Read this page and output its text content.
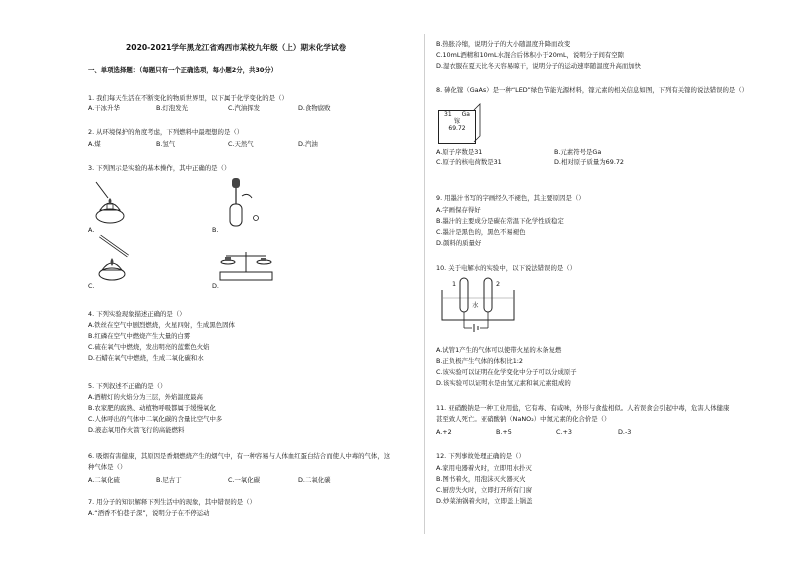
2020-2021学年黑龙江省鸡西市某校九年级（上）期末化学试卷
一、单项选择题：（每题只有一个正确选项，每小题2分，共30分）
1. 我们每天生活在不断变化的物质世界里，以下属于化学变化的是（）
A.干冰升华	B.灯泡发光	C.汽油挥发	D.食物腐败
2. 从环境保护的角度考虑，下列燃料中最理想的是（）
A.煤	B.氢气	C.天然气	D.汽油
3. 下列图示是实验的基本操作，其中正确的是（）
A.	B.
C.	D.
4. 下列实验现象描述正确的是（）
A.铁丝在空气中剧烈燃烧，火星四射，生成黑色固体
B.红磷在空气中燃烧产生大量的白雾
C.硫在氧气中燃烧，发出明亮的蓝紫色火焰
D.石蜡在氧气中燃烧，生成二氧化碳和水
5. 下列叙述不正确的是（）
A.酒精灯的火焰分为三层，外焰温度最高
B.农家肥的腐熟、动植物呼吸都属于缓慢氧化
C.人体呼出的气体中二氧化碳的含量比空气中多
D.液态氧用作火箭飞行的高能燃料
6. 吸烟有害健康，其原因是香烟燃烧产生的烟气中，有一种容易与人体血红蛋白结合而使人中毒的气体，这
种气体是（）
A.二氧化硫	B.尼古丁	C.一氧化碳	D.二氧化碳
7. 用分子的知识解释下列生活中的现象，其中错误的是（）
A.“酒香不怕巷子深”，说明分子在不停运动
B.热胀冷缩，说明分子的大小随温度升降而改变
C.10mL酒精和10mL水混合后体积小于20mL，说明分子间有空隙
D.湿衣服在夏天比冬天容易晾干，说明分子的运动速率随温度升高而加快
8. 砷化镓（GaAs）是一种“LED”绿色节能光源材料，镓元素的相关信息如图，下列有关镓的说法错误的是（）
31 Ga
镓
69.72
A.原子序数是31	B.元素符号是Ga
C.原子的核电荷数是31	D.相对原子质量为69.72
9. 用墨汁书写的字画经久不褪色，其主要原因是（）
A.字画保存得好
B.墨汁的主要成分是碳在常温下化学性质稳定
C.墨汁是黑色的，黑色不易褪色
D.颜料的质量好
10. 关于电解水的实验中，以下说法错误的是（）
1	2
水
A.试管1产生的气体可以使带火星的木条复燃
B.正负极产生气体的体积比1:2
C.该实验可以证明在化学变化中分子可以分成原子
D.该实验可以证明水是由氢元素和氧元素组成的
11. 亚硝酸钠是一种工业用盐，它有毒、有咸味，外形与食盐相似。人若误食会引起中毒，危害人体健康
甚至致人死亡。亚硝酸钠（NaNO₂）中氮元素的化合价是（）
A.+2	B.+5	C.+3	D.-3
12. 下列事故处理正确的是（）
A.家用电器着火时，立即用水扑灭
B.图书着火，用泡沫灭火器灭火
C.厨房失火时，立即打开所有门窗
D.炒菜油锅着火时，立即盖上锅盖
